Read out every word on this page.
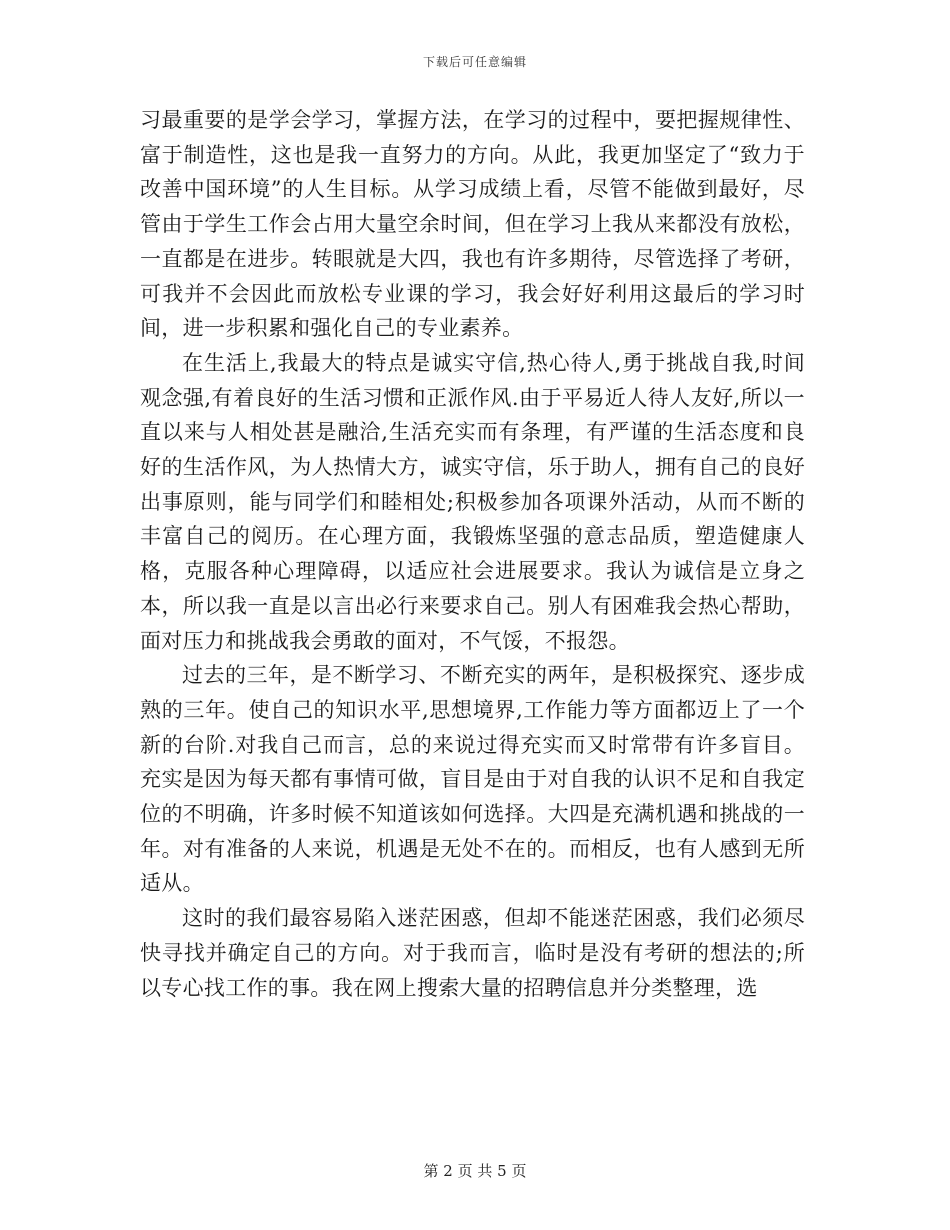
下载后可任意编辑

习最重要的是学会学习，掌握方法，在学习的过程中，要把握规律性、富于制造性，这也是我一直努力的方向。从此，我更加坚定了“致力于改善中国环境”的人生目标。从学习成绩上看，尽管不能做到最好，尽管由于学生工作会占用大量空余时间，但在学习上我从来都没有放松，一直都是在进步。转眼就是大四，我也有许多期待，尽管选择了考研，可我并不会因此而放松专业课的学习，我会好好利用这最后的学习时间，进一步积累和强化自己的专业素养。

在生活上,我最大的特点是诚实守信,热心待人,勇于挑战自我,时间观念强,有着良好的生活习惯和正派作风.由于平易近人待人友好,所以一直以来与人相处甚是融洽,生活充实而有条理，有严谨的生活态度和良好的生活作风，为人热情大方，诚实守信，乐于助人，拥有自己的良好出事原则，能与同学们和睦相处;积极参加各项课外活动，从而不断的丰富自己的阅历。在心理方面，我锻炼坚强的意志品质，塑造健康人格，克服各种心理障碍，以适应社会进展要求。我认为诚信是立身之本，所以我一直是以言出必行来要求自己。别人有困难我会热心帮助，面对压力和挑战我会勇敢的面对，不气馁，不报怨。

过去的三年，是不断学习、不断充实的两年，是积极探究、逐步成熟的三年。使自己的知识水平,思想境界,工作能力等方面都迈上了一个新的台阶.对我自己而言，总的来说过得充实而又时常带有许多盲目。充实是因为每天都有事情可做，盲目是由于对自我的认识不足和自我定位的不明确，许多时候不知道该如何选择。大四是充满机遇和挑战的一年。对有准备的人来说，机遇是无处不在的。而相反，也有人感到无所适从。

这时的我们最容易陷入迷茫困惑，但却不能迷茫困惑，我们必须尽快寻找并确定自己的方向。对于我而言，临时是没有考研的想法的;所以专心找工作的事。我在网上搜索大量的招聘信息并分类整理，选

第 2 页 共 5 页
